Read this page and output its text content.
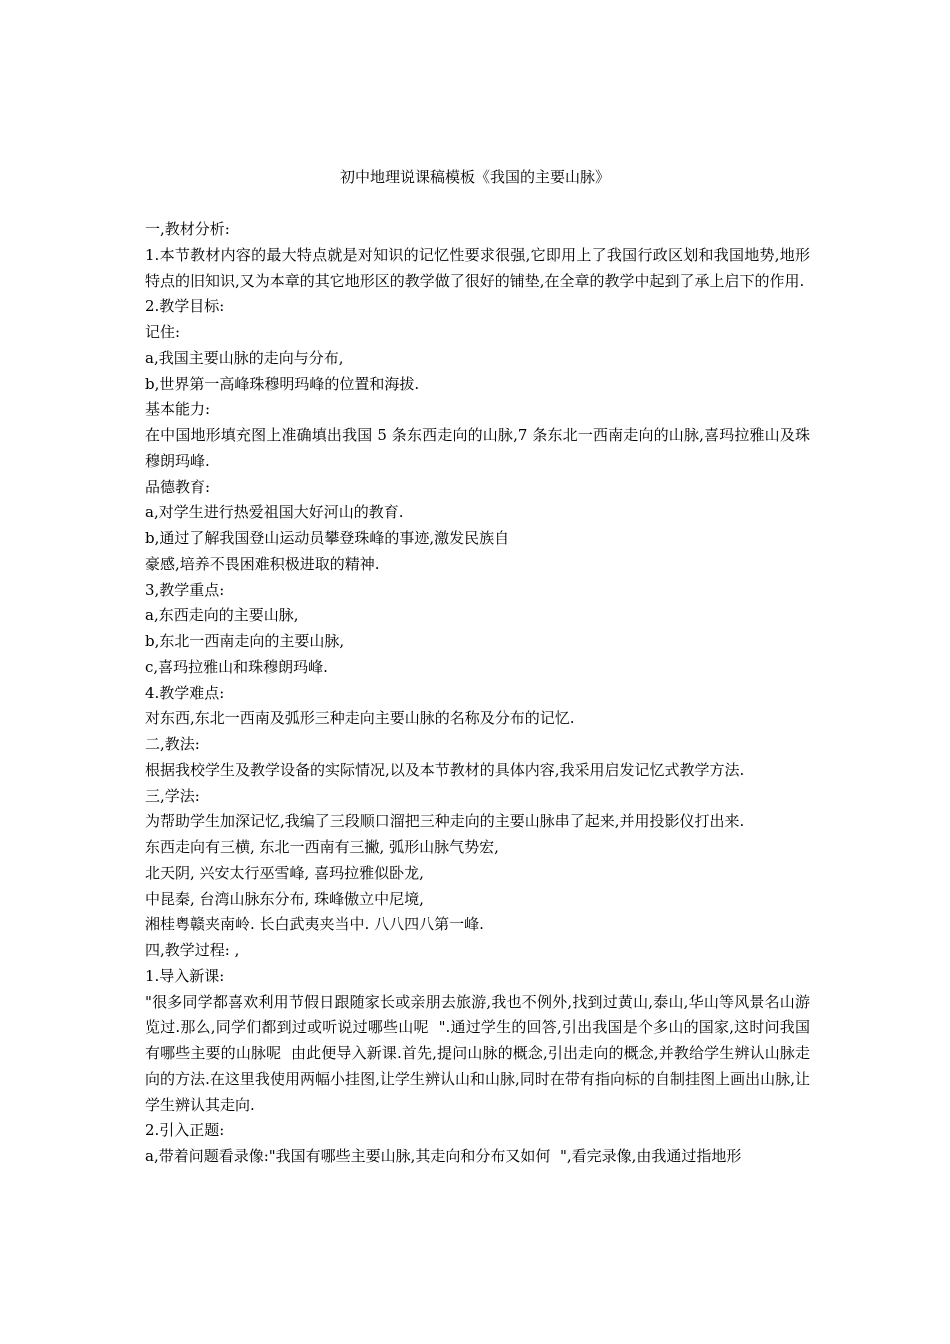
初中地理说课稿模板《我国的主要山脉》
一,教材分析:
1.本节教材内容的最大特点就是对知识的记忆性要求很强,它即用上了我国行政区划和我国地势,地形特点的旧知识,又为本章的其它地形区的教学做了很好的铺垫,在全章的教学中起到了承上启下的作用.
2.教学目标:
记住:
a,我国主要山脉的走向与分布,
b,世界第一高峰珠穆明玛峰的位置和海拔.
基本能力:
在中国地形填充图上准确填出我国 5 条东西走向的山脉,7 条东北一西南走向的山脉,喜玛拉雅山及珠穆朗玛峰.
品德教育:
a,对学生进行热爱祖国大好河山的教育.
b,通过了解我国登山运动员攀登珠峰的事迹,激发民族自
豪感,培养不畏困难积极进取的精神.
3,教学重点:
a,东西走向的主要山脉,
b,东北一西南走向的主要山脉,
c,喜玛拉雅山和珠穆朗玛峰.
4.教学难点:
对东西,东北一西南及弧形三种走向主要山脉的名称及分布的记忆.
二,教法:
根据我校学生及教学设备的实际情况,以及本节教材的具体内容,我采用启发记忆式教学方法.
三,学法:
为帮助学生加深记忆,我编了三段顺口溜把三种走向的主要山脉串了起来,并用投影仪打出来.
东西走向有三横, 东北一西南有三撇, 弧形山脉气势宏,
北天阴, 兴安太行巫雪峰, 喜玛拉雅似卧龙,
中昆秦, 台湾山脉东分布, 珠峰傲立中尼境,
湘桂粤赣夹南岭. 长白武夷夹当中. 八八四八第一峰.
四,教学过程: ,
1.导入新课:
"很多同学都喜欢利用节假日跟随家长或亲朋去旅游,我也不例外,找到过黄山,泰山,华山等风景名山游览过.那么,同学们都到过或听说过哪些山呢  ".通过学生的回答,引出我国是个多山的国家,这时问我国有哪些主要的山脉呢  由此便导入新课.首先,提问山脉的概念,引出走向的概念,并教给学生辨认山脉走向的方法.在这里我使用两幅小挂图,让学生辨认山和山脉,同时在带有指向标的自制挂图上画出山脉,让学生辨认其走向.
2.引入正题:
a,带着问题看录像:"我国有哪些主要山脉,其走向和分布又如何  ",看完录像,由我通过指地形
